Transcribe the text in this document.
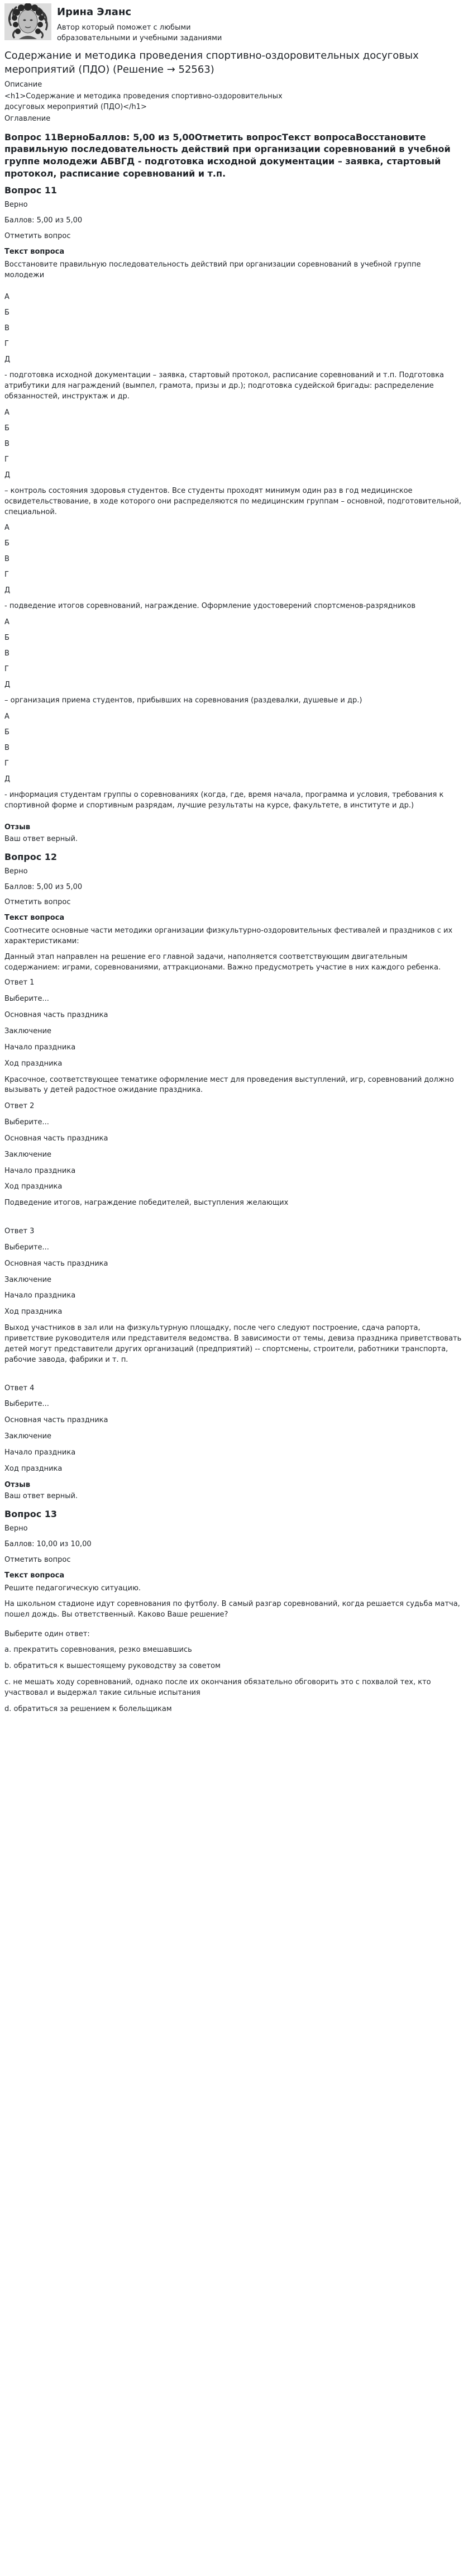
Ирина Эланс
Автор который поможет с любыми образовательными и учебными заданиями
Содержание и методика проведения спортивно-оздоровительных досуговых мероприятий (ПДО) (Решение → 52563)
Описание
<h1>Содержание и методика проведения спортивно-оздоровительных досуговых мероприятий (ПДО)</h1>
Оглавление
Вопрос 11ВерноБаллов: 5,00 из 5,00Отметить вопросТекст вопросаВосстановите правильную последовательность действий при организации соревнований в учебной группе молодежи АБВГД - подготовка исходной документации – заявка, стартовый протокол, расписание соревнований и т.п.
Вопрос 11

Верно

Баллов: 5,00 из 5,00

Отметить вопрос

Текст вопроса

Восстановите правильную последовательность действий при организации соревнований в учебной группе молодежи

А
Б
В
Г
Д
- подготовка исходной документации – заявка, стартовый протокол, расписание соревнований и т.п. Подготовка атрибутики для награждений (вымпел, грамота, призы и др.); подготовка судейской бригады: распределение обязанностей, инструктаж и др.
А
Б
В
Г
Д
– контроль состояния здоровья студентов. Все студенты проходят минимум один раз в год медицинское освидетельствование, в ходе которого они распределяются по медицинским группам – основной, подготовительной, специальной.
А
Б
В
Г
Д
- подведение итогов соревнований, награждение. Оформление удостоверений спортсменов-разрядников
А
Б
В
Г
Д
– организация приема студентов, прибывших на соревнования (раздевалки, душевые и др.)
А
Б
В
Г
Д
- информация студентам группы о соревнованиях (когда, где, время начала, программа и условия, требования к спортивной форме и спортивным разрядам, лучшие результаты на курсе, факультете, в институте и др.)
Отзыв
Ваш ответ верный.
Вопрос 12

Верно

Баллов: 5,00 из 5,00

Отметить вопрос

Текст вопроса

Соотнесите основные части методики организации физкультурно-оздоровительных фестивалей и праздников с их характеристиками:

Данный этап направлен на решение его главной задачи, наполняется соответствующим двигательным содержанием: играми, соревнованиями, аттракционами. Важно предусмотреть участие в них каждого ребенка.

Ответ 1

Выберите...
Основная часть праздника
Заключение
Начало праздника
Ход праздника

Красочное, соответствующее тематике оформление мест для проведения выступлений, игр, соревнований должно вызывать у детей радостное ожидание праздника.

Ответ 2

Выберите...
Основная часть праздника
Заключение
Начало праздника
Ход праздника

Подведение итогов, награждение победителей, выступления желающих

Ответ 3

Выберите...
Основная часть праздника
Заключение
Начало праздника
Ход праздника

Выход участников в зал или на физкультурную площадку, после чего следуют построение, сдача рапорта, приветствие руководителя или представителя ведомства. В зависимости от темы, девиза праздника приветствовать детей могут представители других организаций (предприятий) -- спортсмены, строители, работники транспорта, рабочие завода, фабрики и т. п.

Ответ 4

Выберите...
Основная часть праздника
Заключение
Начало праздника
Ход праздника
Отзыв
Ваш ответ верный.
Вопрос 13

Верно

Баллов: 10,00 из 10,00

Отметить вопрос

Текст вопроса

Решите педагогическую ситуацию.

На школьном стадионе идут соревнования по футболу. В самый разгар соревнований, когда решается судьба матча, пошел дождь. Вы ответственный. Каково Ваше решение?

Выберите один ответ:

a. прекратить соревнования, резко вмешавшись
b. обратиться к вышестоящему руководству за советом
c. не мешать ходу соревнований, однако после их окончания обязательно обговорить это с похвалой тех, кто участвовал и выдержал такие сильные испытания
d. обратиться за решением к болельщикам
